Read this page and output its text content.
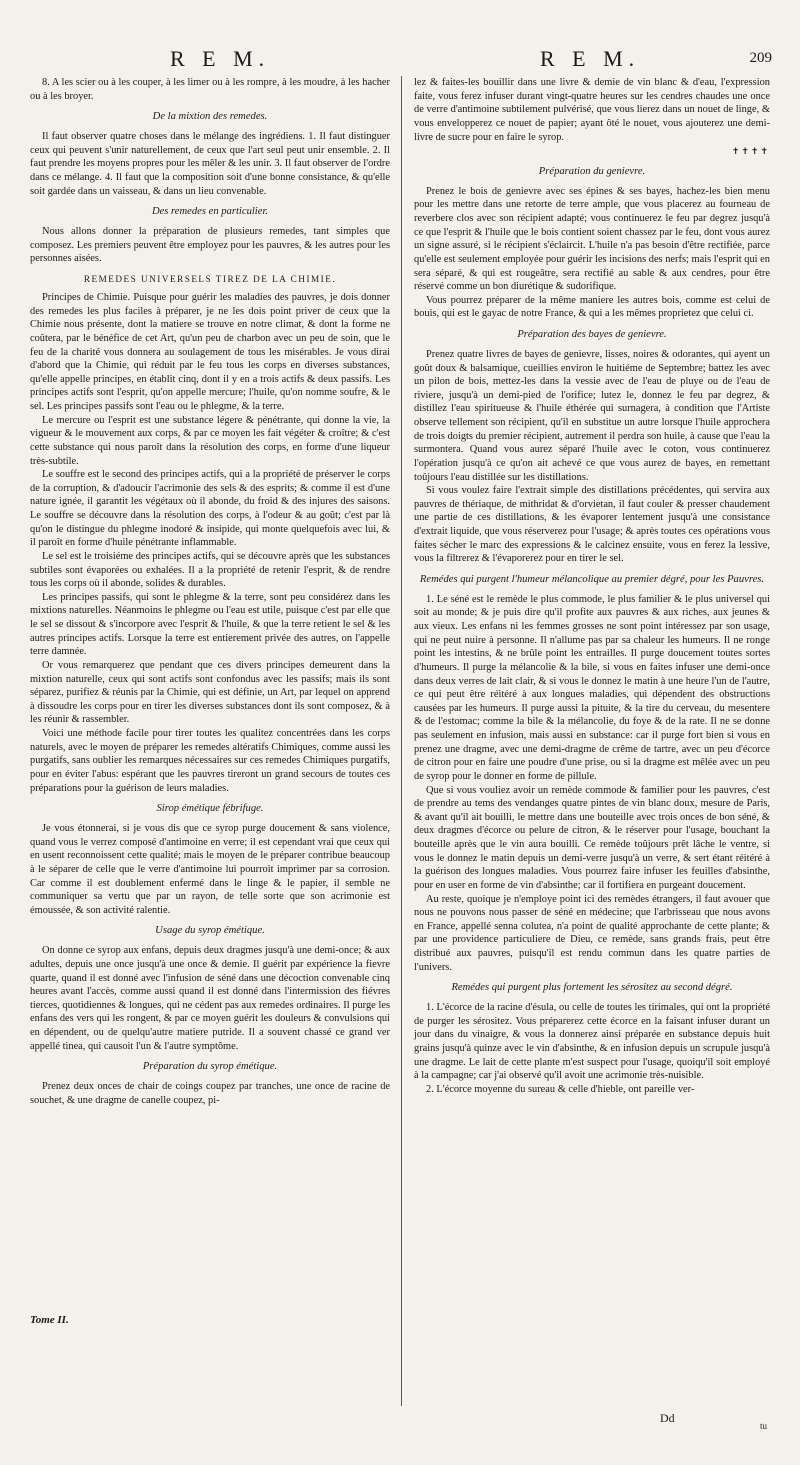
R E M.	R E M.	209

8. A les scier ou à les couper, à les limer ou à les rompre, à les moudre, à les hacher ou à les broyer.

De la mixtion des remedes.

Il faut observer quatre choses dans le mélange des ingrédiens. 1. Il faut distinguer ceux qui peuvent s'unir naturellement, de ceux que l'art seul peut unir ensemble. 2. Il faut prendre les moyens propres pour les mêler & les unir. 3. Il faut observer de l'ordre dans ce mélange. 4. Il faut que la composition soit d'une bonne consistance, & qu'elle soit gardée dans un vaisseau, & dans un lieu convenable.

Des remedes en particulier.

Nous allons donner la préparation de plusieurs remedes, tant simples que composez. Les premiers peuvent être employez pour les pauvres, & les autres pour les personnes aisées.

REMEDES UNIVERSELS TIREZ DE LA CHIMIE.

Principes de Chimie. Puisque pour guérir les maladies des pauvres, je dois donner des remedes les plus faciles à préparer, je ne les dois point priver de ceux que la Chimie nous présente, dont la matiere se trouve en notre climat, & dont la forme ne coûtera, par le bénéfice de cet Art, qu'un peu de charbon avec un peu de soin, que le feu de la charité vous donnera au soulagement de tous les misérables. Je vous dirai d'abord que la Chimie, qui réduit par le feu tous les corps en diverses substances, qu'elle appelle principes, en établit cinq, dont il y en a trois actifs & deux passifs. Les principes actifs sont l'esprit, qu'on appelle mercure; l'huile, qu'on nomme soufre, & le sel. Les principes passifs sont l'eau ou le phlegme, & la terre.

Le mercure ou l'esprit est une substance légere & pénétrante, qui donne la vie, la vigueur & le mouvement aux corps, & par ce moyen les fait végéter & croître; & c'est cette substance qui nous paroît dans la résolution des corps, en forme d'une liqueur très-subtile.

Le souffre est le second des principes actifs, qui a la propriété de préserver le corps de la corruption, & d'adoucir l'acrimonie des sels & des esprits; & comme il est d'une nature ignée, il garantit les végétaux où il abonde, du froid & des injures des saisons. Le souffre se découvre dans la résolution des corps, à l'odeur & au goût; c'est par là qu'on le distingue du phlegme inodoré & insipide, qui monte quelquefois avec lui, & il paroît en forme d'huile pénétrante inflammable.

Le sel est le troisiéme des principes actifs, qui se découvre après que les substances subtiles sont évaporées ou exhalées. Il a la propriété de retenir l'esprit, & de rendre tous les corps où il abonde, solides & durables.

Les principes passifs, qui sont le phlegme & la terre, sont peu considérez dans les mixtions naturelles. Néanmoins le phlegme ou l'eau est utile, puisque c'est par elle que le sel se dissout & s'incorpore avec l'esprit & l'huile, & que la terre retient le sel & les autres principes actifs. Lorsque la terre est entierement privée des autres, on l'appelle terre damnée.

Or vous remarquerez que pendant que ces divers principes demeurent dans la mixtion naturelle, ceux qui sont actifs sont confondus avec les passifs; mais ils sont séparez, purifiez & réunis par la Chimie, qui est définie, un Art, par lequel on apprend à dissoudre les corps pour en tirer les diverses substances dont ils sont composez, & à les réunir & rassembler.

Voici une méthode facile pour tirer toutes les qualitez concentrées dans les corps naturels, avec le moyen de préparer les remedes altératifs Chimiques, comme aussi les purgatifs, sans oublier les remarques nécessaires sur ces remedes Chimiques purgatifs, pour en éviter l'abus: espérant que les pauvres tireront un grand secours de toutes ces préparations pour la guérison de leurs maladies.

Sirop émétique fébrifuge.

Je vous étonnerai, si je vous dis que ce syrop purge doucement & sans violence, quand vous le verrez composé d'antimoine en verre; il est cependant vrai que ceux qui en usent reconnoissent cette qualité; mais le moyen de le préparer contribue beaucoup à le séparer de celle que le verre d'antimoine lui pourroit imprimer par sa corrosion. Car comme il est doublement enfermé dans le linge & le papier, il semble ne communiquer sa vertu que par un rayon, de telle sorte que son acrimonie est émoussée, & son activité ralentie.

Usage du syrop émétique.

On donne ce syrop aux enfans, depuis deux dragmes jusqu'à une demi-once; & aux adultes, depuis une once jusqu'à une once & demie. Il guérit par expérience la fievre quarte, quand il est donné avec l'infusion de séné dans une décoction convenable cinq heures avant l'accès, comme aussi quand il est donné dans l'intermission des fiévres tierces, quotidiennes & longues, qui ne cédent pas aux remedes ordinaires. Il purge les enfans des vers qui les rongent, & par ce moyen guérit les douleurs & convulsions qui en dépendent, ou de quelqu'autre matiere putride. Il a souvent chassé ce grand ver appellé tinea, qui causoit l'un & l'autre symptôme.

Préparation du syrop émétique.

Prenez deux onces de chair de coings coupez par tranches, une once de racine de souchet, & une dragme de canelle coupez, pi-

lez & faites-les bouillir dans une livre & demie de vin blanc & d'eau, l'expression faite, vous ferez infuser durant vingt-quatre heures sur les cendres chaudes une once de verre d'antimoine subtilement pulvérisé, que vous lierez dans un nouet de linge, & vous envelopperez ce nouet de papier; ayant ôté le nouet, vous ajouterez une demi-livre de sucre pour en faire le syrop.

✝✝✝✝

Préparation du genievre.

Prenez le bois de genievre avec ses épines & ses bayes, hachez-les bien menu pour les mettre dans une retorte de terre ample, que vous placerez au fourneau de reverbere clos avec son récipient adapté; vous continuerez le feu par degrez jusqu'à ce que l'esprit & l'huile que le bois contient soient chassez par le feu, dont vous aurez un signe assuré, si le récipient s'éclaircit. L'huile n'a pas besoin d'être rectifiée, parce qu'elle est seulement employée pour guérir les incisions des nerfs; mais l'esprit qui en sera séparé, & qui est rougeâtre, sera rectifié au sable & aux cendres, pour être réservé comme un bon diurétique & sudorifique.

Vous pourrez préparer de la même maniere les autres bois, comme est celui de bouis, qui est le gayac de notre France, & qui a les mêmes proprietez que celui ci.

Préparation des bayes de genievre.

Prenez quatre livres de bayes de genievre, lisses, noires & odorantes, qui ayent un goût doux & balsamique, cueillies environ le huitiéme de Septembre; battez les avec un pilon de bois, mettez-les dans la vessie avec de l'eau de pluye ou de l'eau de riviere, jusqu'à un demi-pied de l'orifice; lutez le, donnez le feu par degrez, & distillez l'eau spiritueuse & l'huile éthérée qui surnagera, à condition que l'Artiste observe tellement son récipient, qu'il en substitue un autre lorsque l'huile approchera de trois doigts du premier récipient, autrement il perdra son huile, à cause que l'eau la surmontera. Quand vous aurez séparé l'huile avec le coton, vous continuerez l'opération jusqu'à ce qu'on ait achevé ce que vous aurez de bayes, en remettant toûjours l'eau distillée sur les distillations.

Si vous voulez faire l'extrait simple des distillations précédentes, qui servira aux pauvres de thériaque, de mithridat & d'orvietan, il faut couler & presser chaudement une partie de ces distillations, & les évaporer lentement jusqu'à une consistance d'extrait liquide, que vous réserverez pour l'usage; & après toutes ces opérations vous faites sécher le marc des expressions & le calcinez ensuite, vous en ferez la lessive, vous la filtrerez & l'évaporerez pour en tirer le sel.

Remédes qui purgent l'humeur mélancolique au premier dégré, pour les Pauvres.

1. Le séné est le remède le plus commode, le plus familier & le plus universel qui soit au monde; & je puis dire qu'il profite aux pauvres & aux riches, aux jeunes & aux vieux. Les enfans ni les femmes grosses ne sont point intéressez par son usage, qui ne peut nuire à personne. Il n'allume pas par sa chaleur les humeurs. Il ne ronge point les intestins, & ne brûle point les entrailles. Il purge doucement toutes sortes d'humeurs. Il purge la mélancolie & la bile, si vous en faites infuser une demi-once dans deux verres de lait clair, & si vous le donnez le matin à une heure l'un de l'autre, ce qui peut être réitéré à aux longues maladies, qui dépendent des obstructions causées par les humeurs. Il purge aussi la pituite, & la tire du cerveau, du mesentere & de l'estomac; comme la bile & la mélancolie, du foye & de la rate. Il ne se donne pas seulement en infusion, mais aussi en substance: car il purge fort bien si vous en prenez une dragme, avec une demi-dragme de crême de tartre, avec un peu d'écorce de citron pour en faire une poudre d'une prise, ou si la dragme est mêlée avec un peu de syrop pour le donner en forme de pillule.

Que si vous vouliez avoir un remède commode & familier pour les pauvres, c'est de prendre au tems des vendanges quatre pintes de vin blanc doux, mesure de Paris, & avant qu'il ait bouilli, le mettre dans une bouteille avec trois onces de bon séné, & deux dragmes d'écorce ou pelure de citron, & le réserver pour l'usage, bouchant la bouteille après que le vin aura bouilli. Ce remède toûjours prêt lâche le ventre, si vous le donnez le matin depuis un demi-verre jusqu'à un verre, & sert étant réitéré à la guérison des longues maladies. Vous pourrez faire infuser les feuilles d'absinthe, pour en user en forme de vin d'absinthe; car il fortifiera en purgeant doucement.

Au reste, quoique je n'employe point ici des remèdes étrangers, il faut avouer que nous ne pouvons nous passer de séné en médecine; que l'arbrisseau que nous avons en France, appellé senna colutea, n'a point de qualité approchante de cette plante; & par une providence particuliere de Dieu, ce remède, sans grands frais, peut être distribué aux pauvres, puisqu'il est rendu commun dans les quatre parties de l'univers.

Remédes qui purgent plus fortement les sérositez au second dégré.

1. L'écorce de la racine d'ésula, ou celle de toutes les tirimales, qui ont la propriété de purger les sérositez. Vous préparerez cette écorce en la faisant infuser durant un jour dans du vinaigre, & vous la donnerez ainsi préparée en substance depuis huit grains jusqu'à quinze avec le vin d'absinthe, & en infusion depuis un scrupule jusqu'à une dragme. Le lait de cette plante m'est suspect pour l'usage, quoiqu'il soit employé à la campagne; car j'ai observé qu'il avoit une acrimonie très-nuisible.

2. L'écorce moyenne du sureau & celle d'hieble, ont pareille ver-

Tome II.
Dd
tu
